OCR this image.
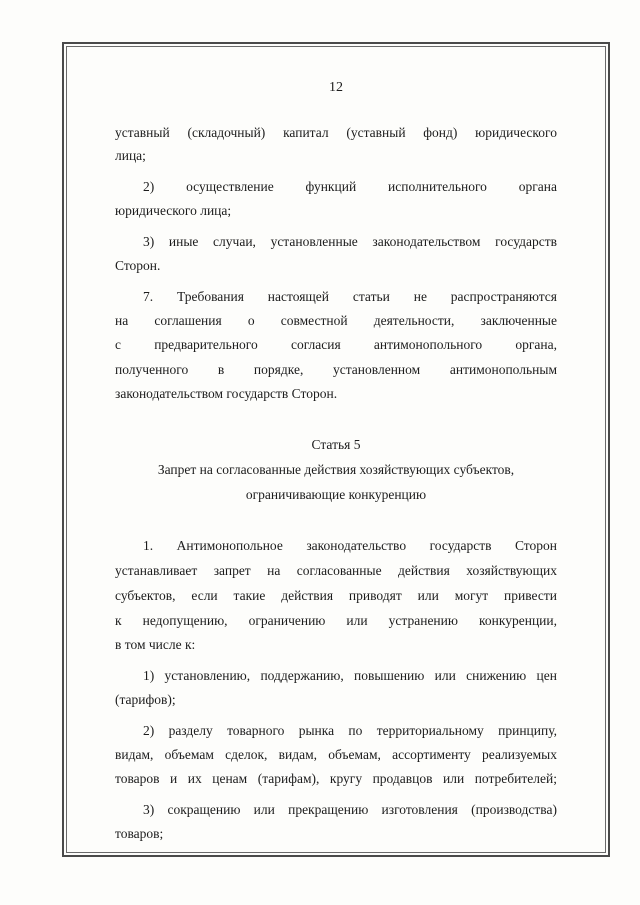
12
уставный (складочный) капитал (уставный фонд) юридического
лица;
2) осуществление функций исполнительного органа
юридического лица;
3) иные случаи, установленные законодательством государств
Сторон.
7. Требования настоящей статьи не распространяются
на соглашения о совместной деятельности, заключенные
с предварительного согласия антимонопольного органа,
полученного в порядке, установленном антимонопольным
законодательством государств Сторон.
Статья 5
Запрет на согласованные действия хозяйствующих субъектов,
ограничивающие конкуренцию
1. Антимонопольное законодательство государств Сторон
устанавливает запрет на согласованные действия хозяйствующих
субъектов, если такие действия приводят или могут привести
к недопущению, ограничению или устранению конкуренции,
в том числе к:
1) установлению, поддержанию, повышению или снижению цен
(тарифов);
2) разделу товарного рынка по территориальному принципу,
видам, объемам сделок, видам, объемам, ассортименту реализуемых
товаров и их ценам (тарифам), кругу продавцов или потребителей;
3) сокращению или прекращению изготовления (производства)
товаров;
